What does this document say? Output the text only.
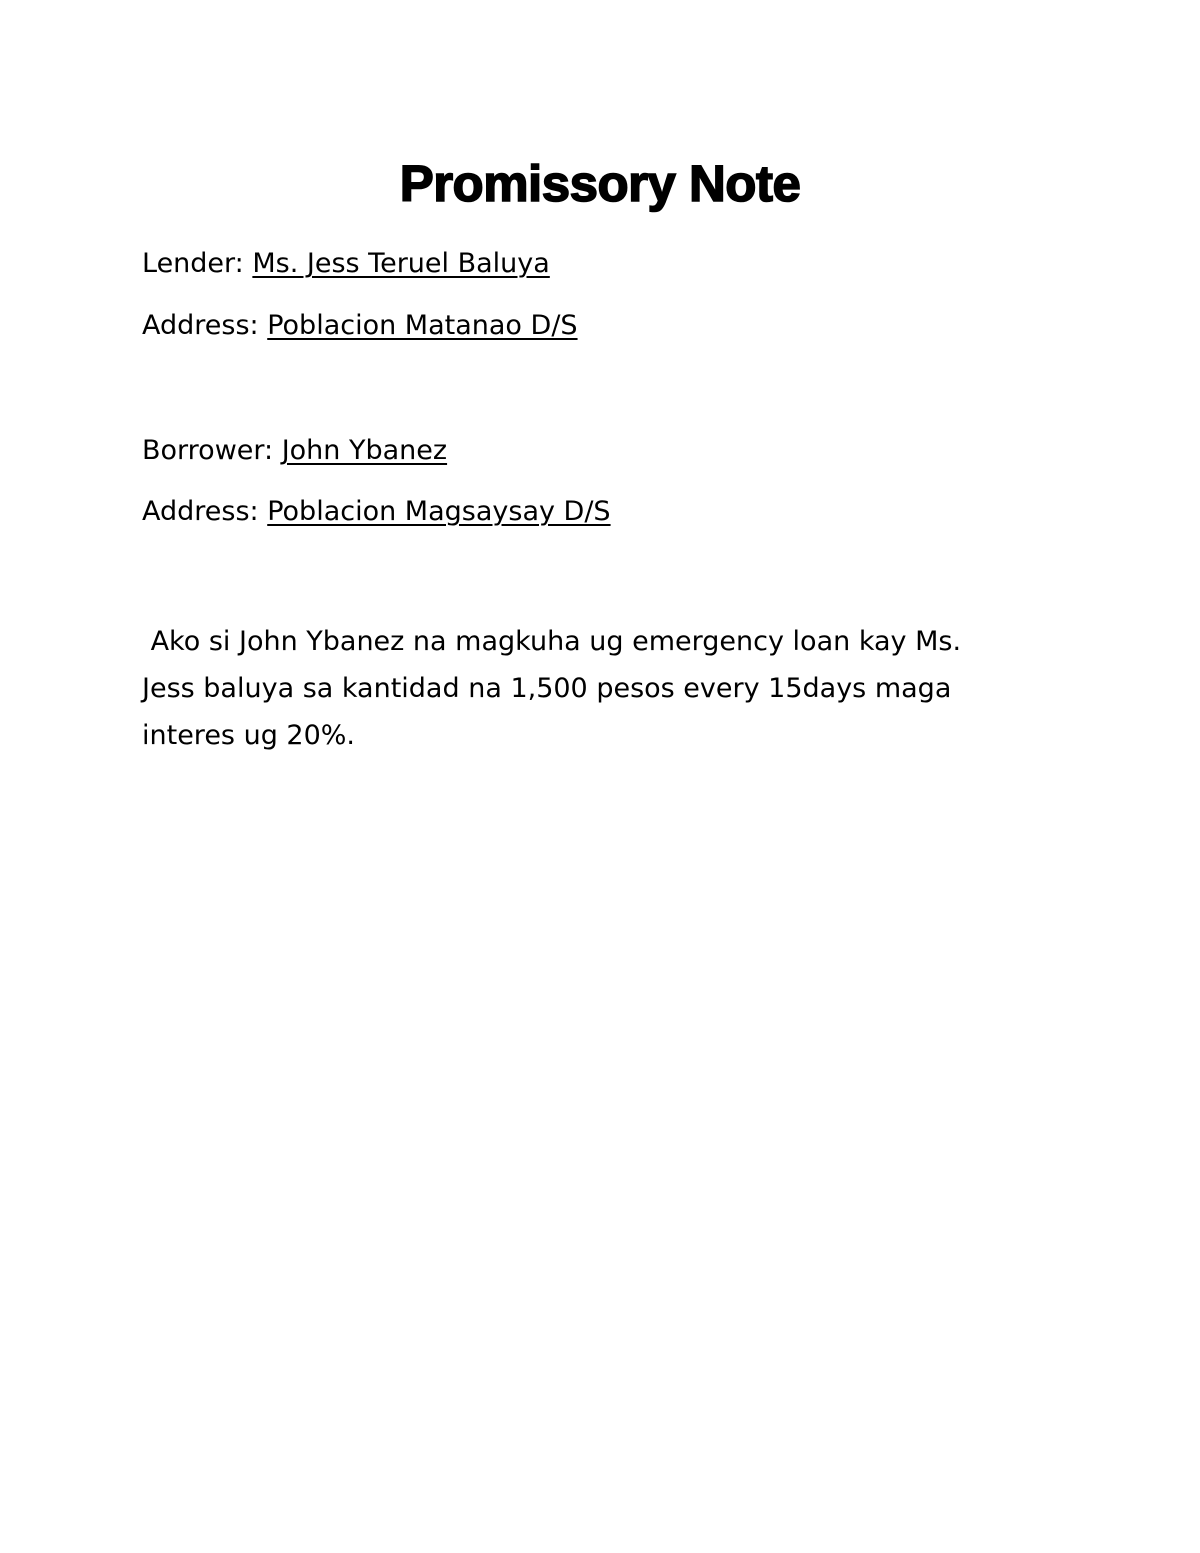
Promissory Note

Lender: Ms. Jess Teruel Baluya

Address: Poblacion Matanao D/S

Borrower: John Ybanez

Address: Poblacion Magsaysay D/S

Ako si John Ybanez na magkuha ug emergency loan kay Ms.
Jess baluya sa kantidad na 1,500 pesos every 15days maga
interes ug 20%.
